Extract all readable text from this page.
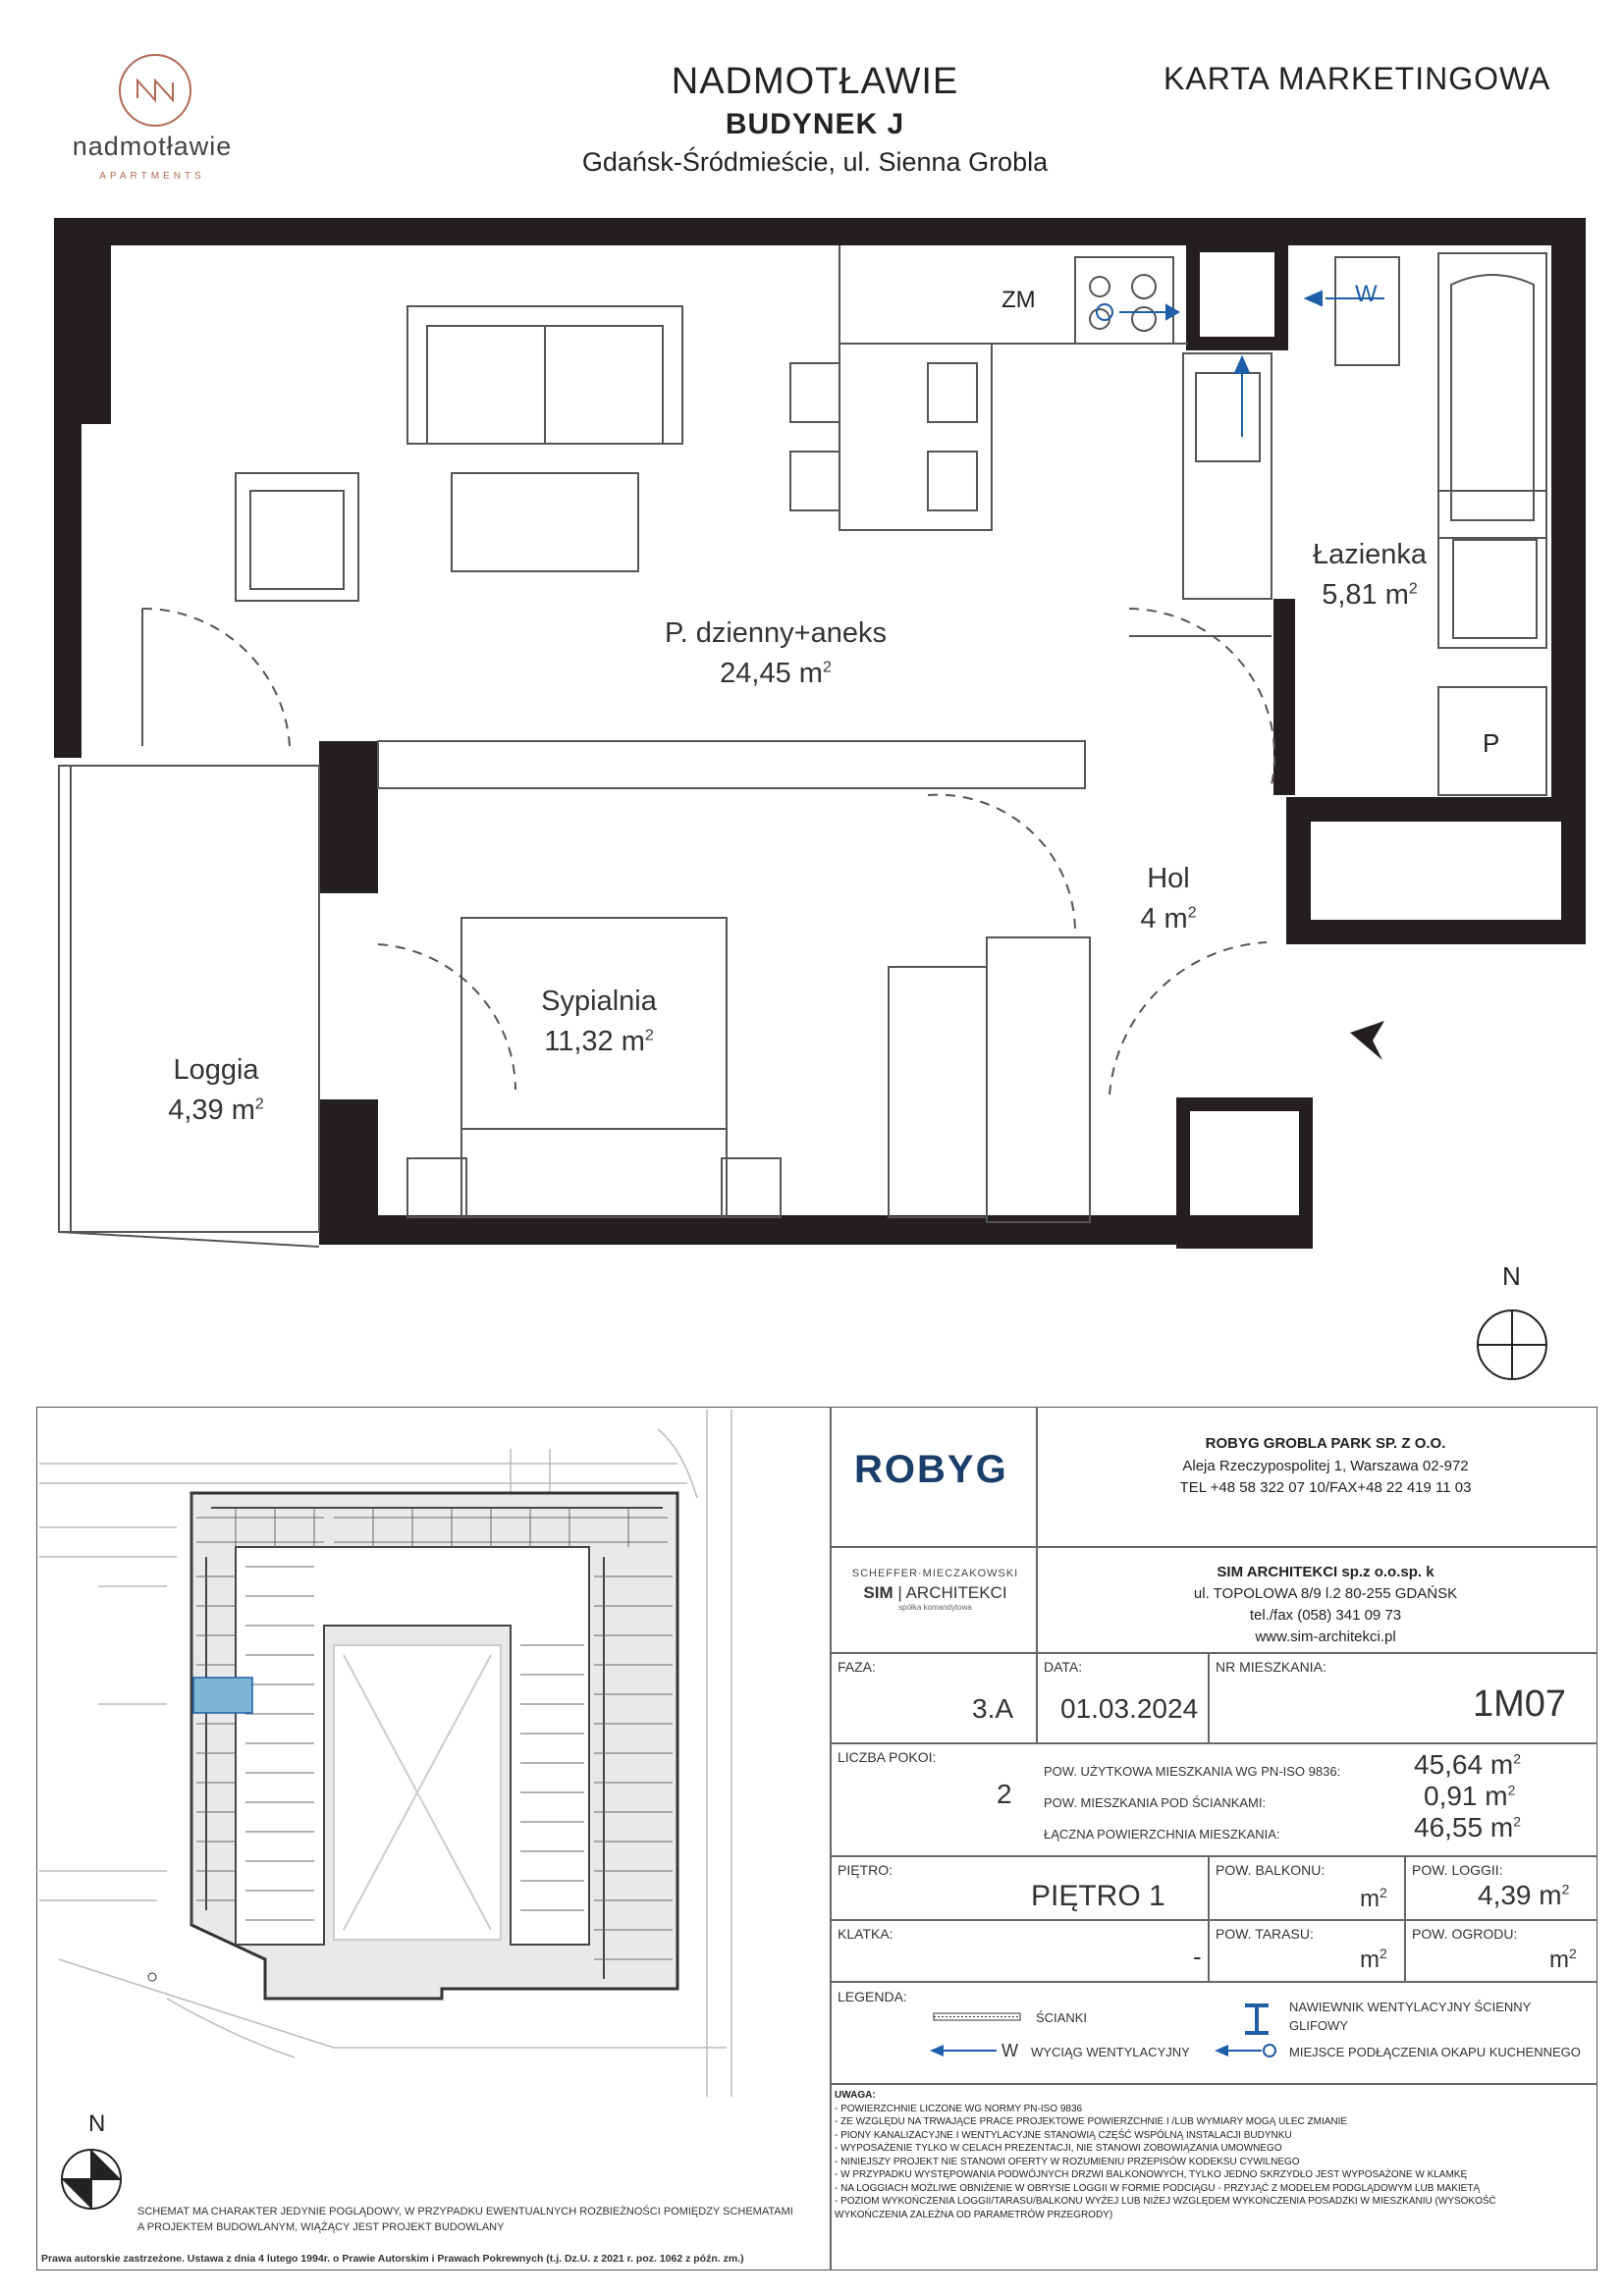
nadmotławie
APARTMENTS
NADMOTŁAWIE
BUDYNEK J
Gdańsk-Śródmieście, ul. Sienna Grobla
KARTA MARKETINGOWA
ZM	W
P
N
P. dzienny+aneks
24,45 $m^2$
Łazienka
5,81 $m^2$
Hol
4 $m^2$
Sypialnia
11,32 $m^2$
Loggia
4,39 $m^2$
N
SCHEMAT MA CHARAKTER JEDYNIE POGLĄDOWY, W PRZYPADKU EWENTUALNYCH ROZBIEŻNOŚCI POMIĘDZY SCHEMATAMI A PROJEKTEM BUDOWLANYM, WIĄŻĄCY JEST PROJEKT BUDOWLANY
Prawa autorskie zastrzeżone. Ustawa z dnia 4 lutego 1994r. o Prawie Autorskim i Prawach Pokrewnych (t.j. Dz.U. z 2021 r. poz. 1062 z późn. zm.)
ROBYG
ROBYG GROBLA PARK SP. Z O.O.
Aleja Rzeczypospolitej 1, Warszawa 02-972
TEL +48 58 322 07 10/FAX+48 22 419 11 03
SCHEFFER·MIECZAKOWSKI
SIM | ARCHITEKCI
spółka komandytowa
SIM ARCHITEKCI sp.z o.o.sp. k
ul. TOPOLOWA 8/9 l.2 80-255 GDAŃSK
tel./fax (058) 341 09 73
www.sim-architekci.pl
FAZA:
3.A
DATA:
01.03.2024
NR MIESZKANIA:
1M07
LICZBA POKOI:
2
POW. UŻYTKOWA MIESZKANIA WG PN-ISO 9836:
POW. MIESZKANIA POD ŚCIANKAMI:
ŁĄCZNA POWIERZCHNIA MIESZKANIA:
45,64 $m^2$
0,91 $m^2$
46,55 $m^2$
PIĘTRO:
PIĘTRO 1
POW. BALKONU:
$m^2$
POW. LOGGII:
4,39 $m^2$
KLATKA:
-
POW. TARASU:
$m^2$
POW. OGRODU:
$m^2$
LEGENDA:
ŚCIANKI
W WYCIĄG WENTYLACYJNY
NAWIEWNIK WENTYLACYJNY ŚCIENNY
GLIFOWY
MIEJSCE PODŁĄCZENIA OKAPU KUCHENNEGO
UWAGA:
- POWIERZCHNIE LICZONE WG NORMY PN-ISO 9836
- ZE WZGLĘDU NA TRWAJĄCE PRACE PROJEKTOWE POWIERZCHNIE I /LUB WYMIARY MOGĄ ULEC ZMIANIE
- PIONY KANALIZACYJNE I WENTYLACYJNE STANOWIĄ CZĘŚĆ WSPÓLNĄ INSTALACJI BUDYNKU
- WYPOSAŻENIE TYLKO W CELACH PREZENTACJI, NIE STANOWI ZOBOWIĄZANIA UMOWNEGO
- NINIEJSZY PROJEKT NIE STANOWI OFERTY W ROZUMIENIU PRZEPISÓW KODEKSU CYWILNEGO
- W PRZYPADKU WYSTĘPOWANIA PODWÓJNYCH DRZWI BALKONOWYCH, TYLKO JEDNO SKRZYDŁO JEST WYPOSAŻONE W KLAMKĘ
- NA LOGGIACH MOŻLIWE OBNIŻENIE W OBRYSIE LOGGII W FORMIE PODCIĄGU - PRZYJĄĆ Z MODELEM PODGLĄDOWYM LUB MAKIETĄ
- POZIOM WYKOŃCZENIA LOGGII/TARASU/BALKONU WYŻEJ LUB NIŻEJ WZGLĘDEM WYKOŃCZENIA POSADZKI W MIESZKANIU (WYSOKOŚĆ
WYKOŃCZENIA ZALEŻNA OD PARAMETRÓW PRZEGRODY)
